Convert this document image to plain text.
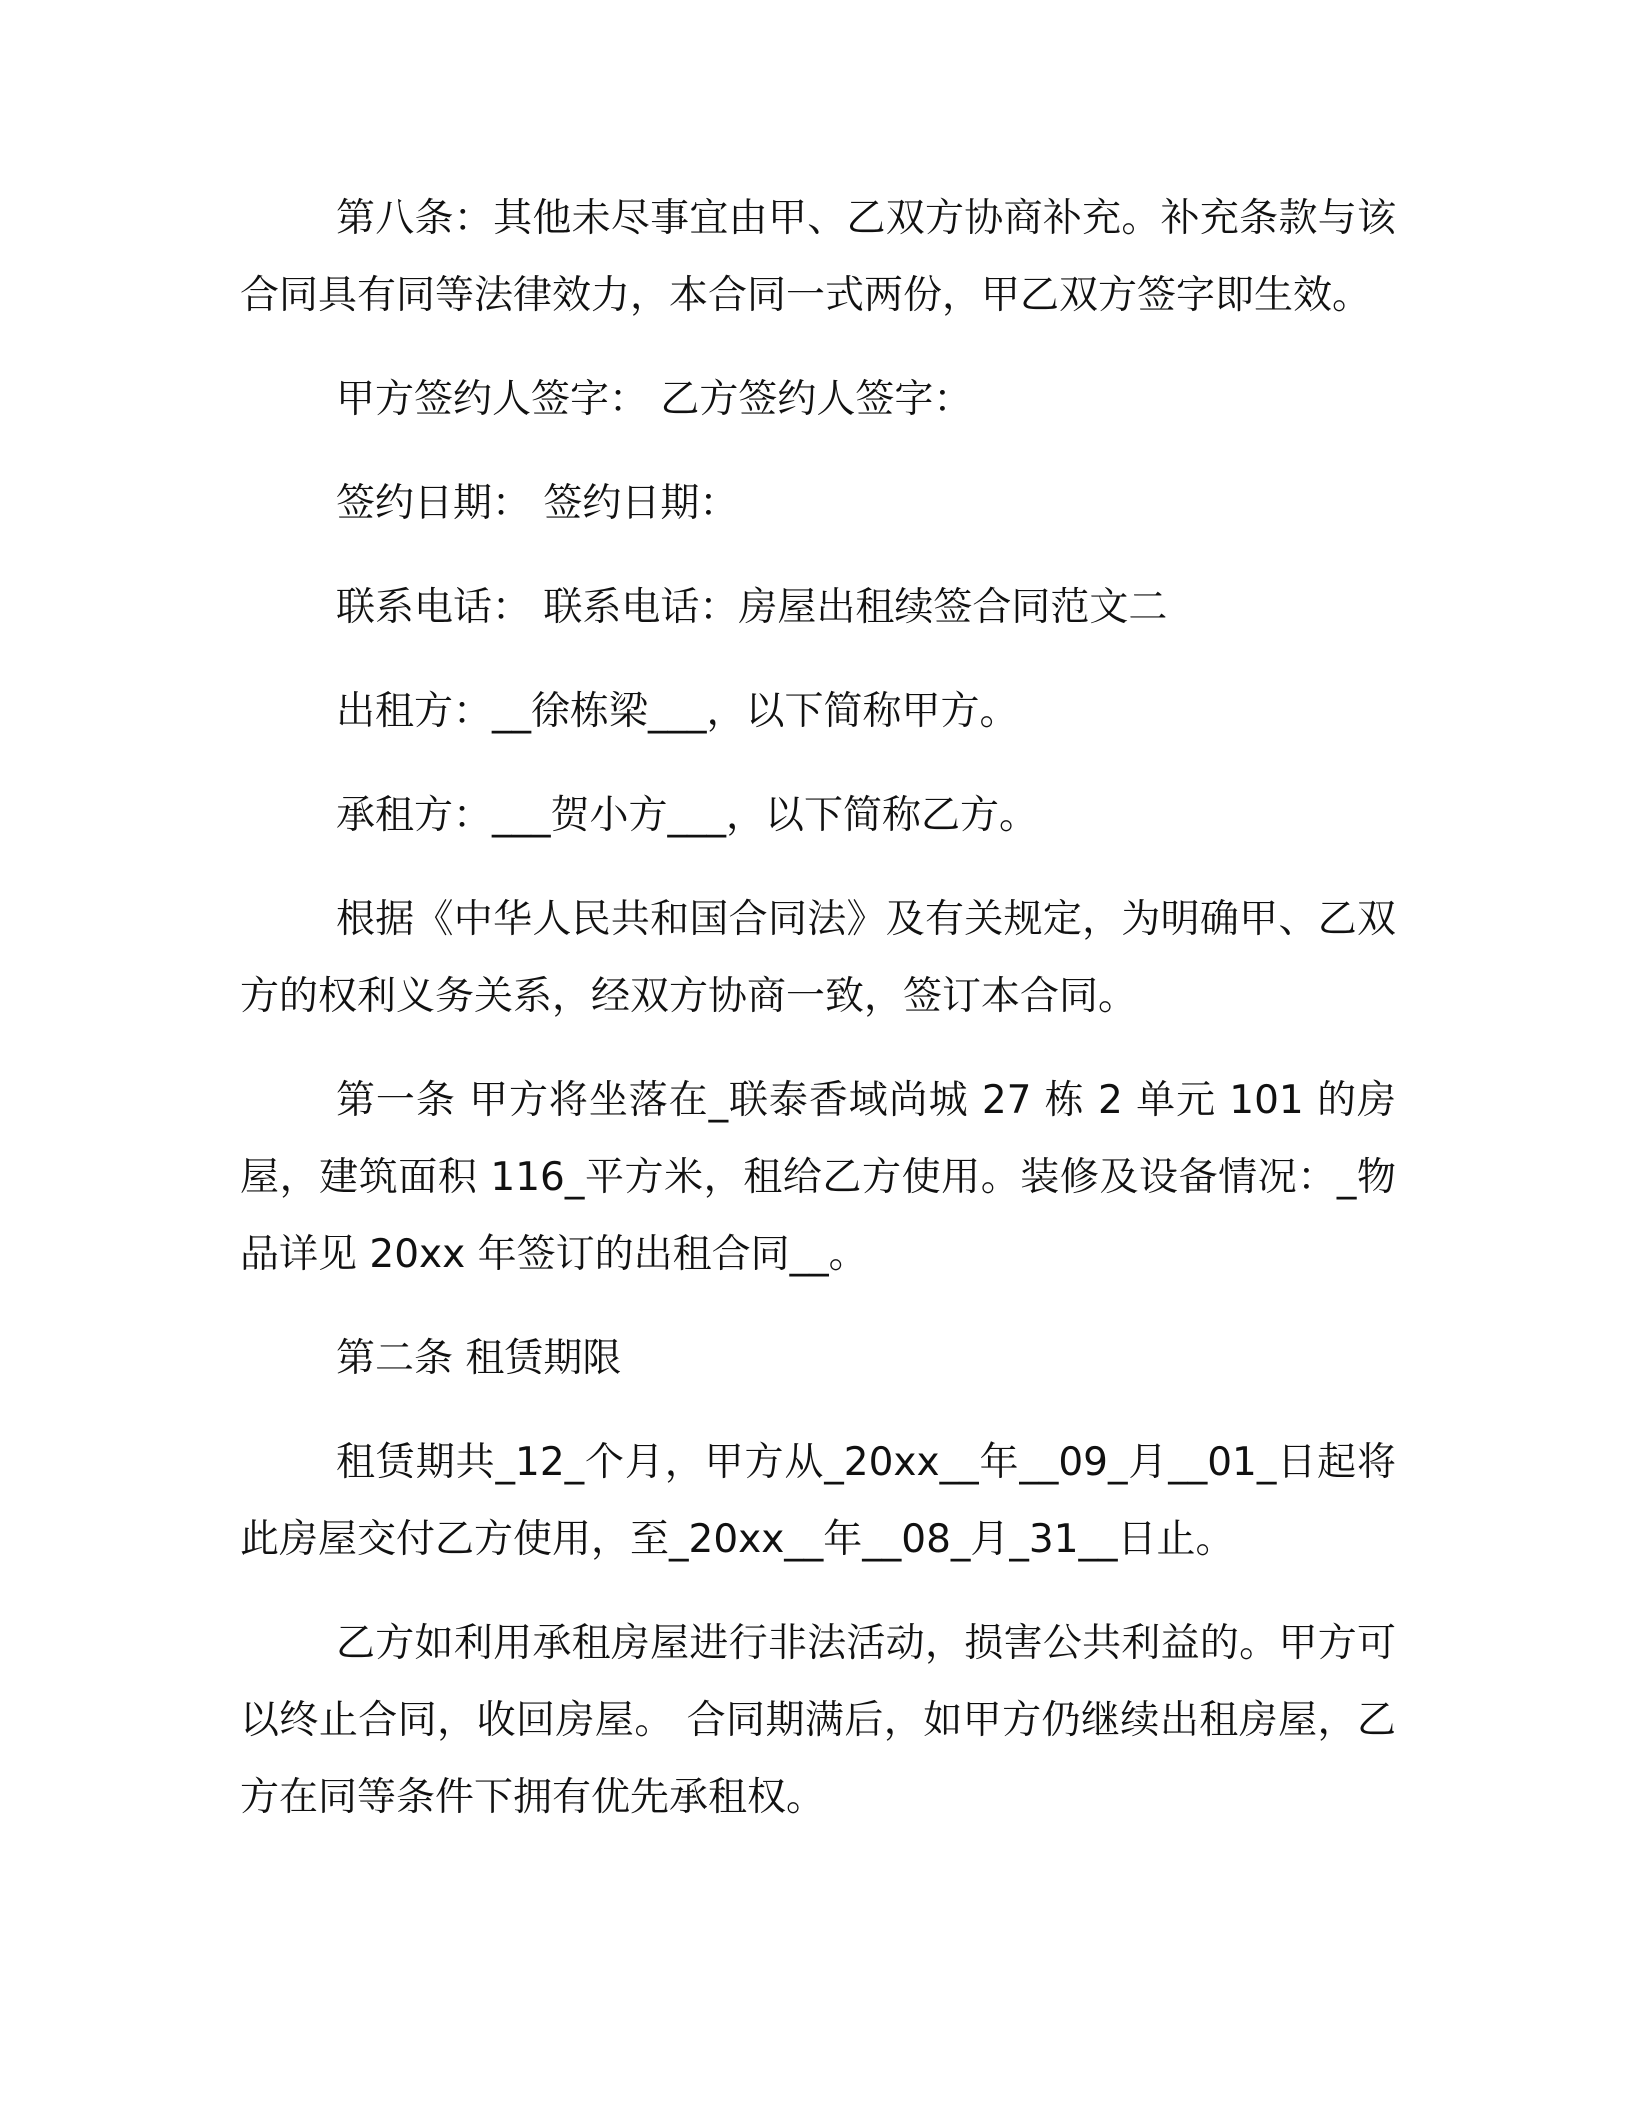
第八条：其他未尽事宜由甲、乙双方协商补充。补充条款与该合同具有同等法律效力，本合同一式两份，甲乙双方签字即生效。

甲方签约人签字： 乙方签约人签字：

签约日期： 签约日期：

联系电话： 联系电话：房屋出租续签合同范文二

出租方：__徐栋梁___，以下简称甲方。

承租方：___贺小方___，以下简称乙方。

根据《中华人民共和国合同法》及有关规定，为明确甲、乙双方的权利义务关系，经双方协商一致，签订本合同。

第一条 甲方将坐落在_联泰香域尚城 27 栋 2 单元 101 的房屋，建筑面积 116_平方米，租给乙方使用。装修及设备情况：_物品详见 20xx 年签订的出租合同__。

第二条 租赁期限

租赁期共_12_个月，甲方从_20xx__年__09_月__01_日起将此房屋交付乙方使用，至_20xx__年__08_月_31__日止。

乙方如利用承租房屋进行非法活动，损害公共利益的。甲方可以终止合同，收回房屋。 合同期满后，如甲方仍继续出租房屋，乙方在同等条件下拥有优先承租权。
